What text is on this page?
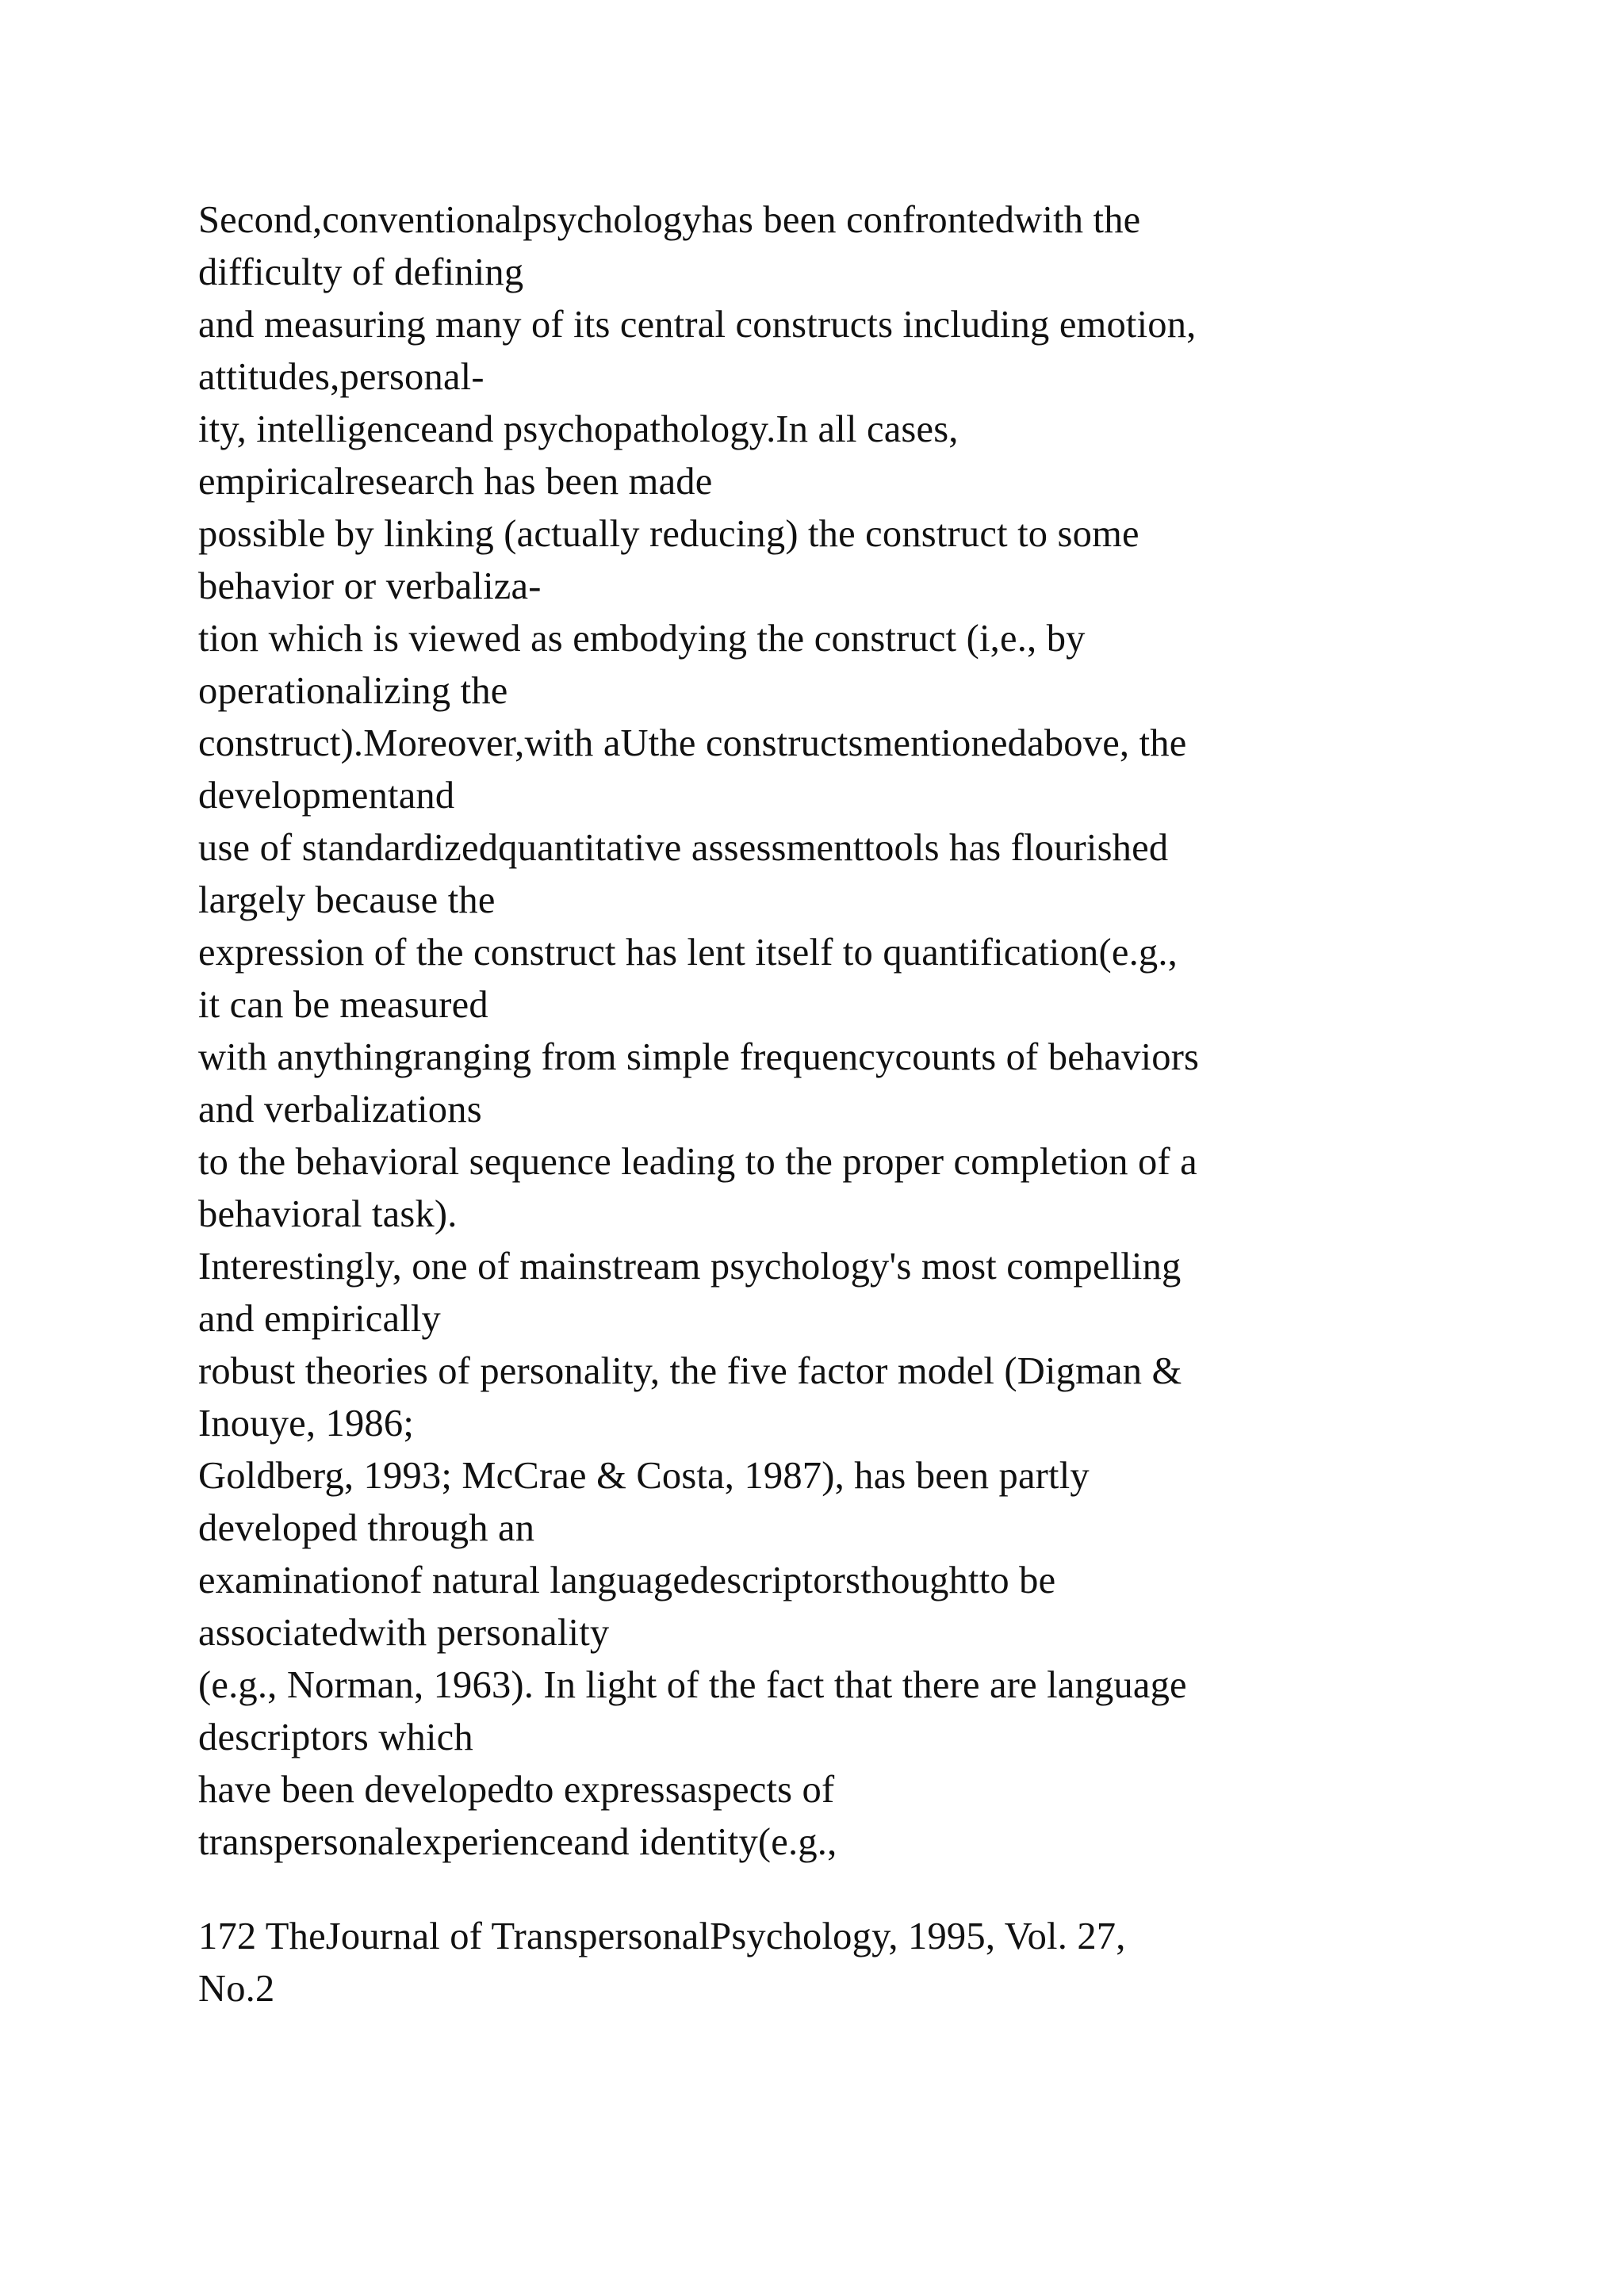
Second,conventionalpsychologyhas been confrontedwith the
difficulty of defining
and measuring many of its central constructs including emotion,
attitudes,personal-
ity, intelligenceand psychopathology.In all cases,
empiricalresearch has been made
possible by linking (actually reducing) the construct to some
behavior or verbaliza-
tion which is viewed as embodying the construct (i,e., by
operationalizing the
construct).Moreover,with aUthe constructsmentionedabove, the
developmentand
use of standardizedquantitative assessmenttools has flourished
largely because the
expression of the construct has lent itself to quantification(e.g.,
it can be measured
with anythingranging from simple frequencycounts of behaviors
and verbalizations
to the behavioral sequence leading to the proper completion of a
behavioral task).
Interestingly, one of mainstream psychology's most compelling
and empirically
robust theories of personality, the five factor model (Digman &
Inouye, 1986;
Goldberg, 1993; McCrae & Costa, 1987), has been partly
developed through an
examinationof natural languagedescriptorsthoughtto be
associatedwith personality
(e.g., Norman, 1963). In light of the fact that there are language
descriptors which
have been developedto expressaspects of
transpersonalexperienceand identity(e.g.,
172 TheJournal of TranspersonalPsychology, 1995, Vol. 27,
No.2
